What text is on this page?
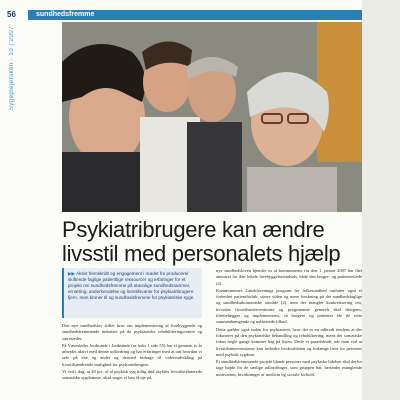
56
Sygeplejersken · 10 | 2007
sundhedsfremme
Psykiatribrugere kan ændre
livsstil med personalets hjælp
▶▶ Aktivt fremskridt og engagement i mødet fra producere/ skiftende faglige patientlige ressourcer og erfaringer for et projekt om sundhedsfremme på staoolige sundhedsrammer, ernæring, anderkendelse og livsstilsvaner for psykiatribrugere fjern, men kroner til og sundhedsfremme for psykiatriske syge.

Den nye sundhedslov stiller krav om implementering af forebyggende og sundhedsfremmende indsatser på de psykiatriske rehabiliteringscentre og væresteder.

På Væresteder Jordmindr i Jordmindr (se boks 1 side 55) har vi gennem to år arbejdet aktivt med denne udfordring og har erfaringer med at om hvordan vi selv på ene og andet og dermed bidrage til videreudvikling på livsstilsændrende mulighed for psykiatribrugere.

Vi ved i dag, at 40 pct. af al psykisk syg tidlig død skyldes livsstilsrelaterede somatiske sygdomme, altså noget vi kan få øje på.

nye sundhedsloven hjemler os at kommunerne fra den 1. januar 2007 har fået ansvaret for den lokale forebyggelsesindsats, både den borger- og patientrettede (2).

Kommunernes Landsforenings program for folkesundhed omfatter også et forbedret patientforløb, større viden og mere forskning på det sundhedsfaglige og sundhedsøkonomiske område (2), men der mangler konkretisering om, hvordan livsstilsinterventioner og programmer generelt skal designes, tilrettelægges og implementeres, så borgere og patienter får de rette sammenhængende og målrettede tilbud.

Dette gælder også inden for psykiatrien, hvor det er en udbredt tendens at der fokuseres på den psykiatriske behandling og rehabilitering, mens det somatiske fokus nogle gange kommer bag på listen. Dette er paradoksalt, når man ved at livsstilsinterventioner kan forbedre livskvaliteten og forlænge livet for personer med psykisk sygdom.

Et sundhedsfremmende projekt blandt personer med psykiske lidelser skal derfor tage højde for de særlige udfordringer, som gruppen har, herunder manglende motivation, bivirkninger af medicin og sociale forhold.
